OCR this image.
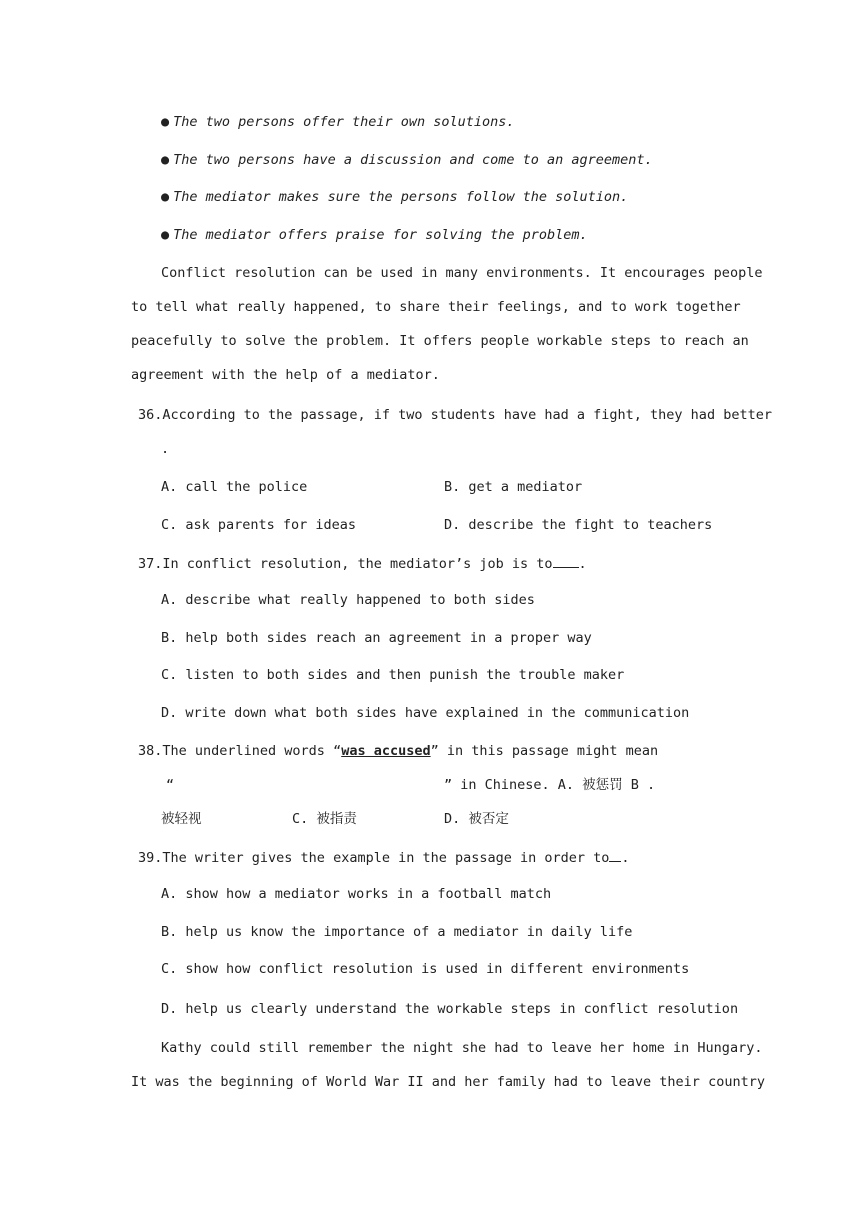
● The two persons offer their own solutions.
● The two persons have a discussion and come to an agreement.
● The mediator makes sure the persons follow the solution.
● The mediator offers praise for solving the problem.
Conflict resolution can be used in many environments. It encourages people
to tell what really happened, to share their feelings, and to work together
peacefully to solve the problem. It offers people workable steps to reach an
agreement with the help of a mediator.
36.According to the passage, if two students have had a fight, they had better
.
A. call the police	B. get a mediator
C. ask parents for ideas	D. describe the fight to teachers
37.In conflict resolution, the mediator’s job is to .
A. describe what really happened to both sides
B. help both sides reach an agreement in a proper way
C. listen to both sides and then punish the trouble maker
D. write down what both sides have explained in the communication
38.The underlined words “was accused” in this passage might mean
“	” in Chinese. A. 被惩罚 B .
被轻视	C. 被指责	D. 被否定
39.The writer gives the example in the passage in order to .
A. show how a mediator works in a football match
B. help us know the importance of a mediator in daily life
C. show how conflict resolution is used in different environments
D. help us clearly understand the workable steps in conflict resolution
Kathy could still remember the night she had to leave her home in Hungary.
It was the beginning of World War II and her family had to leave their country
